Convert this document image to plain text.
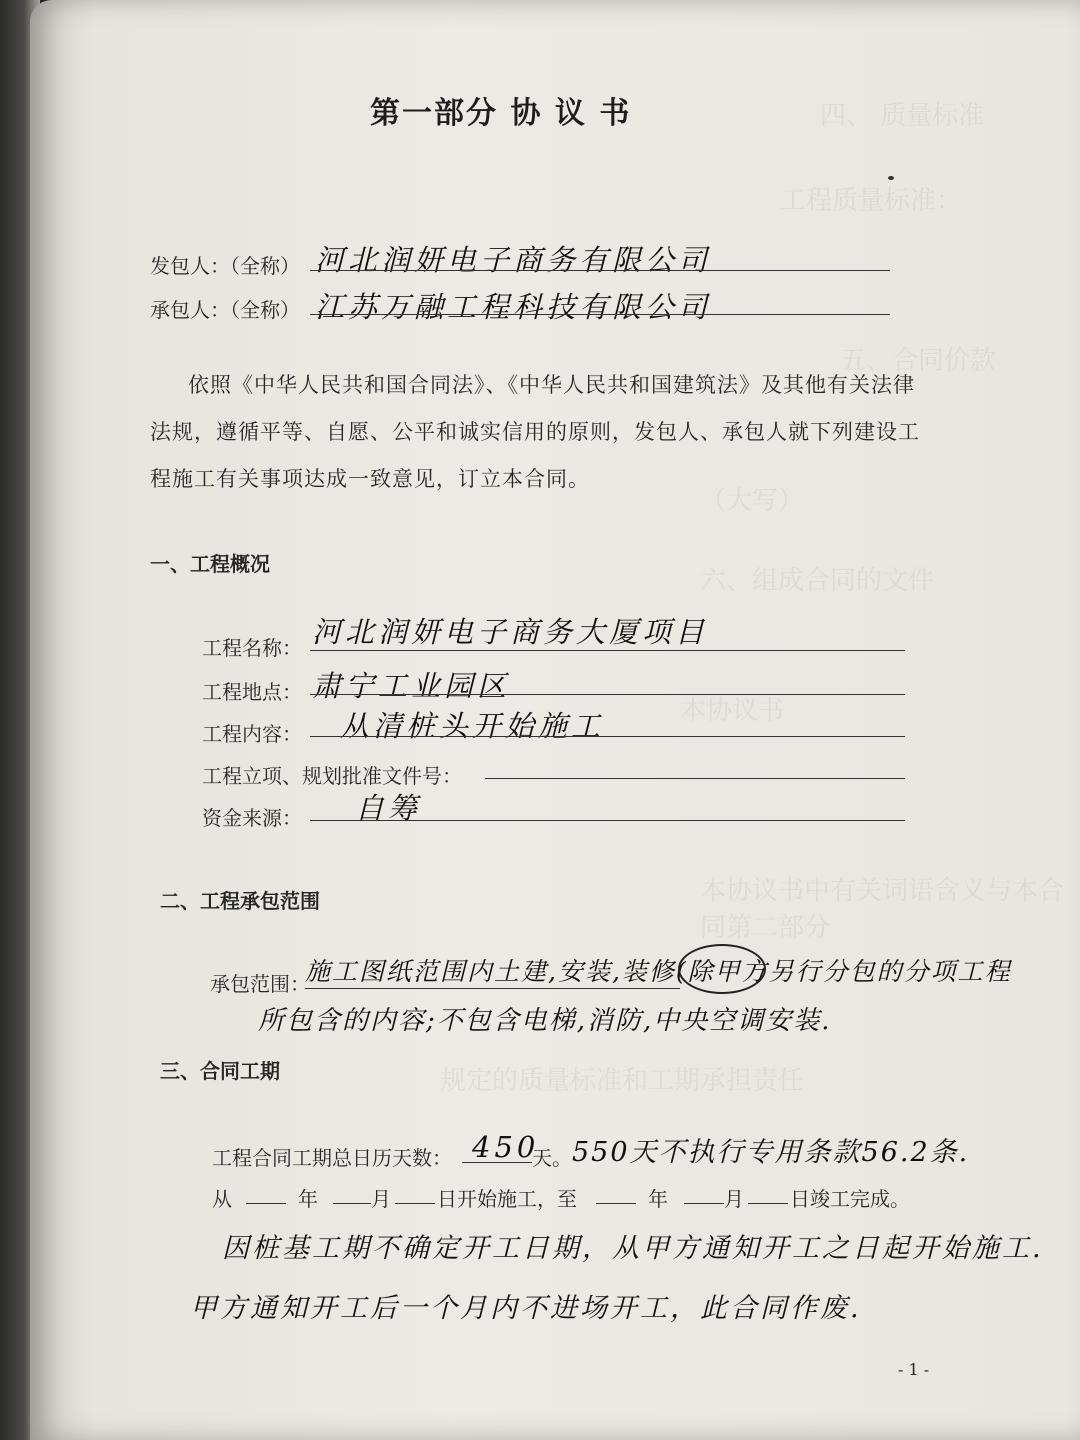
四、 质量标准
工程质量标准：
五、合同价款
（大写）
六、组成合同的文件
本协议书
本协议书中有关词语含义与本合同第二部分
规定的质量标准和工期承担责任
第一部分 协 议 书
发包人：（全称） 河北润妍电子商务有限公司
承包人：（全称） 江苏万融工程科技有限公司
依照《中华人民共和国合同法》、《中华人民共和国建筑法》及其他有关法律
法规，遵循平等、自愿、公平和诚实信用的原则，发包人、承包人就下列建设工
程施工有关事项达成一致意见，订立本合同。
一、工程概况
工程名称： 河北润妍电子商务大厦项目
工程地点： 肃宁工业园区
工程内容： 从清桩头开始施工
工程立项、规划批准文件号：
资金来源： 自筹
二、工程承包范围
承包范围：
施工图纸范围内土建,安装,装修(除甲方另行分包的分项工程
所包含的内容;不包含电梯,消防,中央空调安装.
三、合同工期
工程合同工期总日历天数： 450
天。 550天不执行专用条款56.2条.
从	年	月 日开始施工，至	年	月 日竣工完成。
因桩基工期不确定开工日期，从甲方通知开工之日起开始施工.
甲方通知开工后一个月内不进场开工，此合同作废.
- 1 -
